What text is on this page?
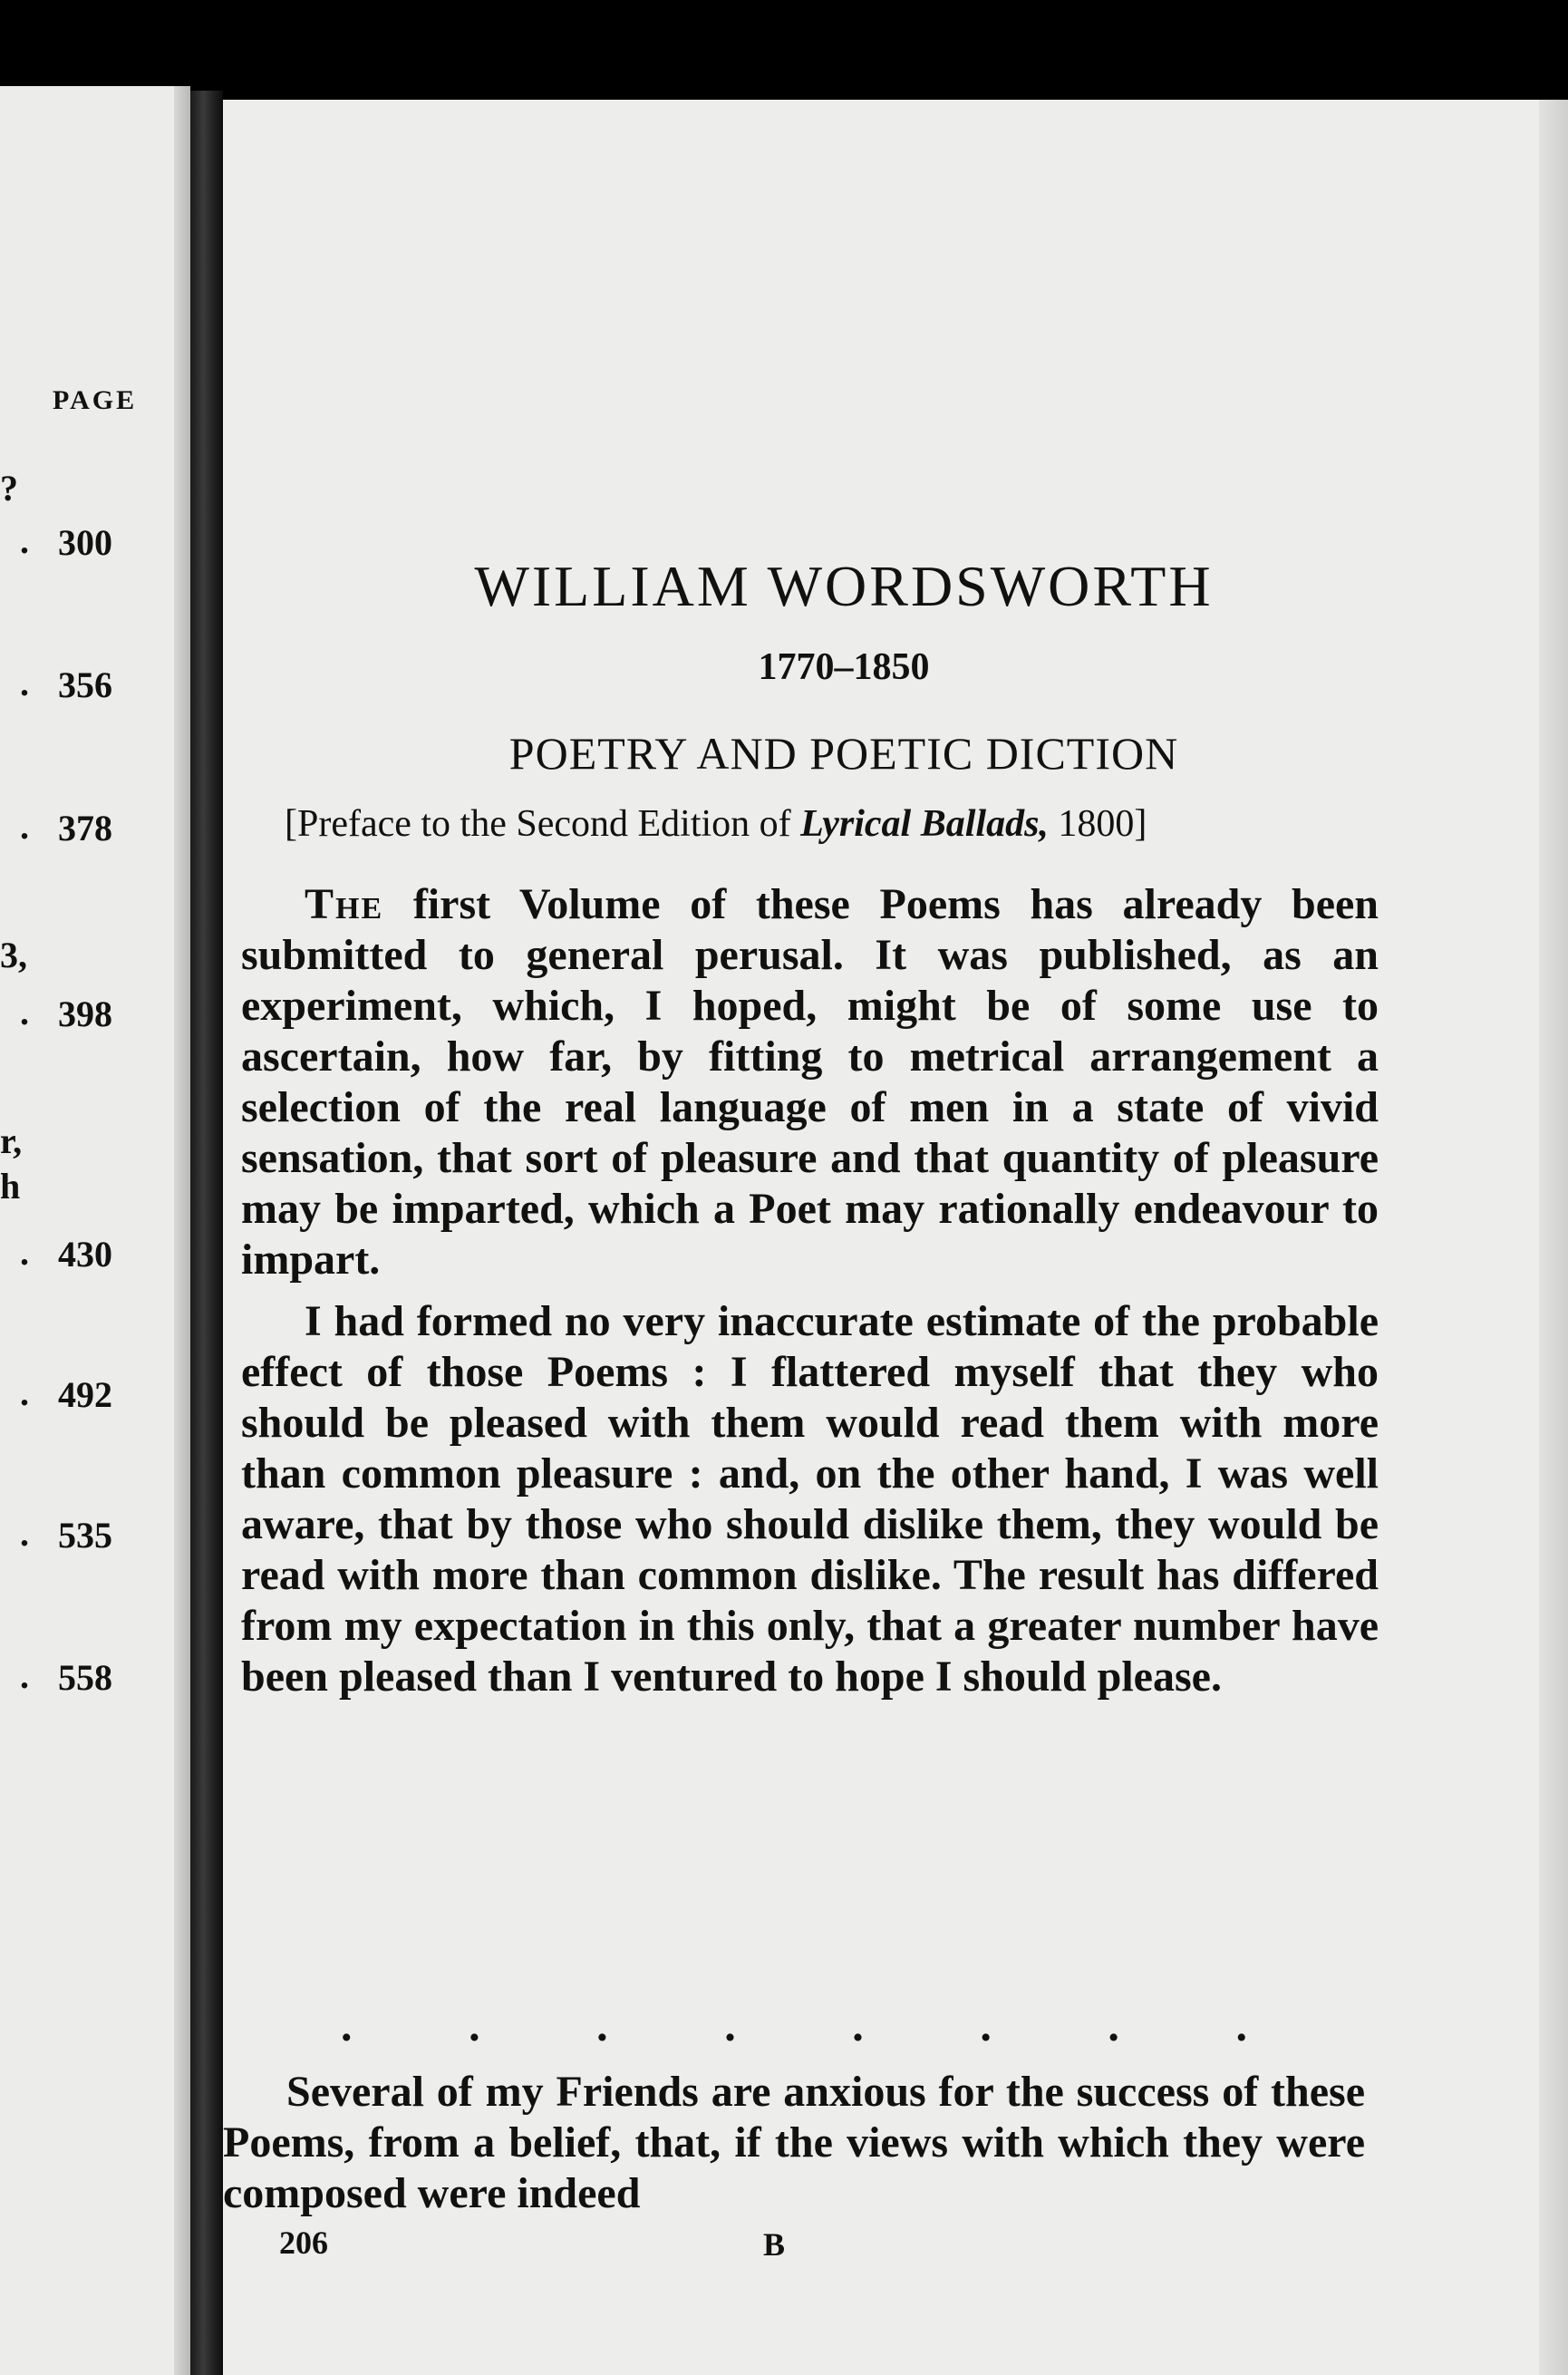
PAGE
?
. 300
. 356
. 378
3,
. 398
r,
h
. 430
. 492
. 535
. 558
WILLIAM WORDSWORTH
1770–1850
POETRY AND POETIC DICTION
[Preface to the Second Edition of Lyrical Ballads, 1800]

The first Volume of these Poems has already been submitted to general perusal. It was published, as an experiment, which, I hoped, might be of some use to ascertain, how far, by fitting to metrical arrangement a selection of the real language of men in a state of vivid sensation, that sort of pleasure and that quantity of pleasure may be imparted, which a Poet may rationally endeavour to impart.

I had formed no very inaccurate estimate of the probable effect of those Poems : I flattered myself that they who should be pleased with them would read them with more than common pleasure : and, on the other hand, I was well aware, that by those who should dislike them, they would be read with more than common dislike. The result has differed from my expectation in this only, that a greater number have been pleased than I ventured to hope I should please.

.	.	.	.	.	.	.	.

Several of my Friends are anxious for the success of these Poems, from a belief, that, if the views with which they were composed were indeed

206	B
